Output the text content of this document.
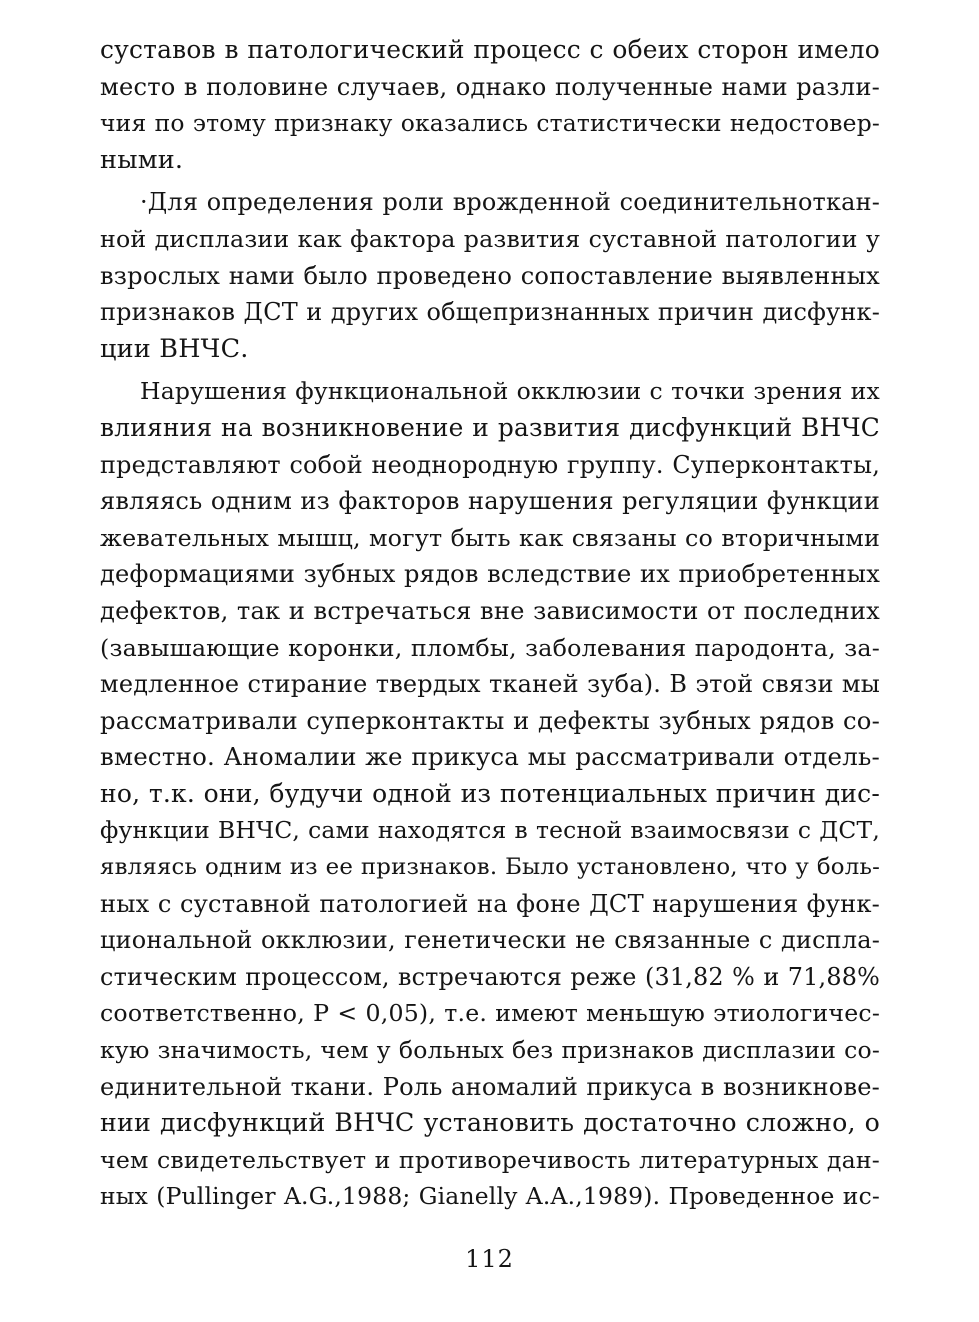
суставов в патологический процесс с обеих сторон имело
место в половине случаев, однако полученные нами разли-
чия по этому признаку оказались статистически недостовер-
ными.
·Для определения роли врожденной соединительноткан-
ной дисплазии как фактора развития суставной патологии у
взрослых нами было проведено сопоставление выявленных
признаков ДСТ и других общепризнанных причин дисфунк-
ции ВНЧС.
Нарушения функциональной окклюзии с точки зрения их
влияния на возникновение и развития дисфункций ВНЧС
представляют собой неоднородную группу. Суперконтакты,
являясь одним из факторов нарушения регуляции функции
жевательных мышц, могут быть как связаны со вторичными
деформациями зубных рядов вследствие их приобретенных
дефектов, так и встречаться вне зависимости от последних
(завышающие коронки, пломбы, заболевания пародонта, за-
медленное стирание твердых тканей зуба). В этой связи мы
рассматривали суперконтакты и дефекты зубных рядов со-
вместно. Аномалии же прикуса мы рассматривали отдель-
но, т.к. они, будучи одной из потенциальных причин дис-
функции ВНЧС, сами находятся в тесной взаимосвязи с ДСТ,
являясь одним из ее признаков. Было установлено, что у боль-
ных с суставной патологией на фоне ДСТ нарушения функ-
циональной окклюзии, генетически не связанные с диспла-
стическим процессом, встречаются реже (31,82 % и 71,88%
соответственно, P < 0,05), т.е. имеют меньшую этиологичес-
кую значимость, чем у больных без признаков дисплазии со-
единительной ткани. Роль аномалий прикуса в возникнове-
нии дисфункций ВНЧС установить достаточно сложно, о
чем свидетельствует и противоречивость литературных дан-
ных (Pullinger A.G.,1988; Gianelly A.A.,1989). Проведенное ис-
112
